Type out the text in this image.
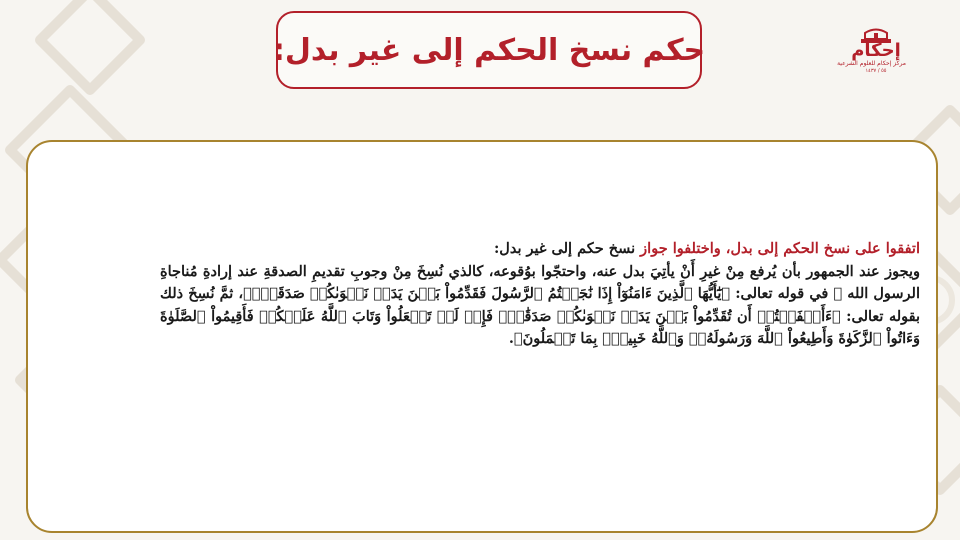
حكم نسخ الحكم إلى غير بدل:	إحكام
مركز إحكام للعلوم الشرعية
٥٥ / ١٤٣٧
اتفقوا على نسخ الحكم إلى بدل، واختلفوا جواز نسخ حكم إلى غير بدل:
ويجوز عند الجمهور بأن يُرفع مِنْ غيرِ أَنْ يأتِيَ بدل عنه، واحتجّوا بوُقوعه، كالذي نُسِخَ مِنْ وجوبِ تقديمِ الصدقةِ عند إرادةِ مُناجاةِ الرسول الله ﷺ في قوله تعالى: ﴿يَٰٓأَيُّهَا ٱلَّذِينَ ءَامَنُوٓاْ إِذَا نَٰجَيۡتُمُ ٱلرَّسُولَ فَقَدِّمُواْ بَيۡنَ يَدَيۡ نَجۡوَىٰكُمۡ صَدَقَةٗۚ﴾، ثمَّ نُسِخَ ذلك بقوله تعالى: ﴿ءَأَشۡفَقۡتُمۡ أَن تُقَدِّمُواْ بَيۡنَ يَدَيۡ نَجۡوَىٰكُمۡ صَدَقَٰتٖۚ فَإِذۡ لَمۡ تَفۡعَلُواْ وَتَابَ ٱللَّهُ عَلَيۡكُمۡ فَأَقِيمُواْ ٱلصَّلَوٰةَ وَءَاتُواْ ٱلزَّكَوٰةَ وَأَطِيعُواْ ٱللَّهَ وَرَسُولَهُۥۚ وَٱللَّهُ خَبِيرُۢ بِمَا تَعۡمَلُونَ﴾.
